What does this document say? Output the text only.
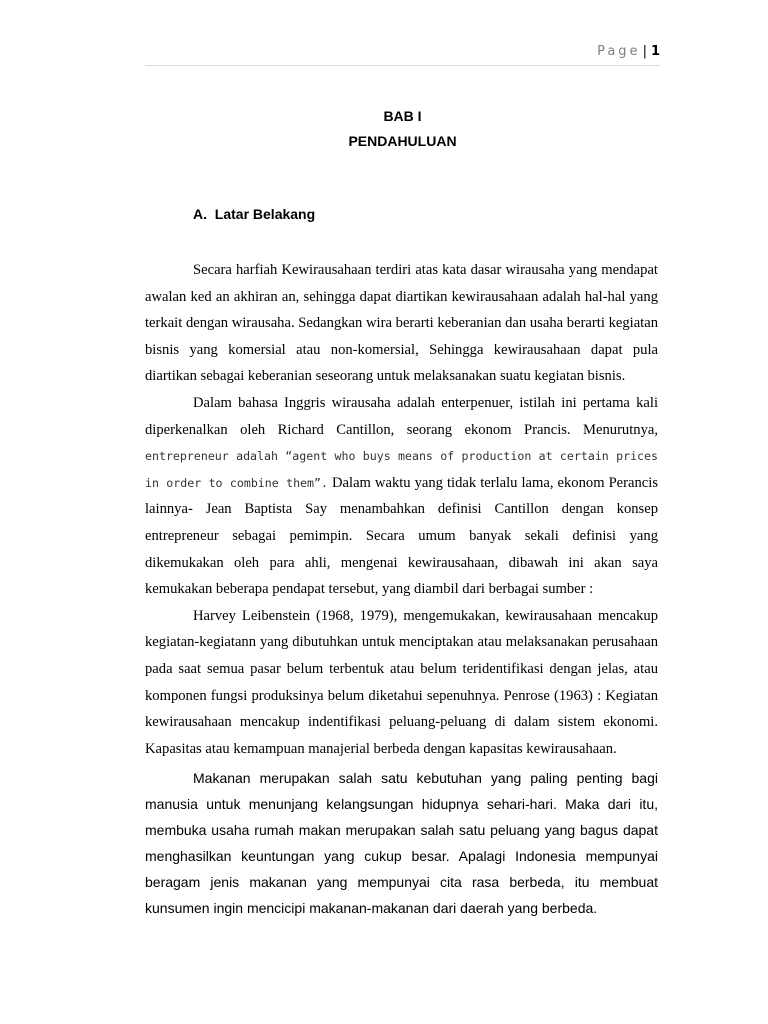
Page | 1
BAB I
PENDAHULUAN
A.  Latar Belakang

Secara harfiah Kewirausahaan terdiri atas kata dasar wirausaha yang mendapat awalan ked an akhiran an, sehingga dapat diartikan kewirausahaan adalah hal-hal yang terkait dengan wirausaha. Sedangkan wira berarti keberanian dan usaha berarti kegiatan bisnis yang komersial atau non-komersial, Sehingga kewirausahaan dapat pula diartikan sebagai keberanian seseorang untuk melaksanakan suatu kegiatan bisnis.

Dalam bahasa Inggris wirausaha adalah enterpenuer, istilah ini pertama kali diperkenalkan oleh Richard Cantillon, seorang ekonom Prancis. Menurutnya, entrepreneur adalah “agent who buys means of production at certain prices in order to combine them”. Dalam waktu yang tidak terlalu lama, ekonom Perancis lainnya- Jean Baptista Say menambahkan definisi Cantillon dengan konsep entrepreneur sebagai pemimpin. Secara umum banyak sekali definisi yang dikemukakan oleh para ahli, mengenai kewirausahaan, dibawah ini akan saya kemukakan beberapa pendapat tersebut, yang diambil dari berbagai sumber :

Harvey Leibenstein (1968, 1979), mengemukakan, kewirausahaan mencakup kegiatan-kegiatann yang dibutuhkan untuk menciptakan atau melaksanakan perusahaan pada saat semua pasar belum terbentuk atau belum teridentifikasi dengan jelas, atau komponen fungsi produksinya belum diketahui sepenuhnya. Penrose (1963) : Kegiatan kewirausahaan mencakup indentifikasi peluang-peluang di dalam sistem ekonomi. Kapasitas atau kemampuan manajerial berbeda dengan kapasitas kewirausahaan.

Makanan merupakan salah satu kebutuhan yang paling penting bagi manusia untuk menunjang kelangsungan hidupnya sehari-hari. Maka dari itu, membuka usaha rumah makan merupakan salah satu peluang yang bagus dapat menghasilkan keuntungan yang cukup besar. Apalagi Indonesia mempunyai beragam jenis makanan yang mempunyai cita rasa berbeda, itu membuat kunsumen ingin mencicipi makanan-makanan dari daerah yang berbeda.
